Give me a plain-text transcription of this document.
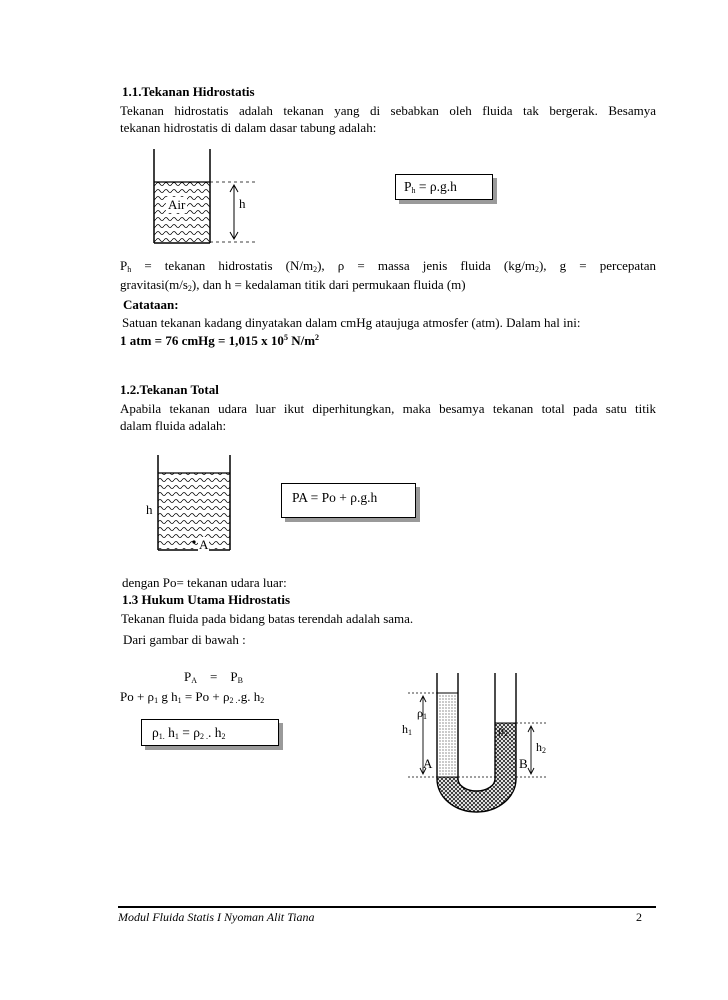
1.1.Tekanan Hidrostatis
Tekanan hidrostatis adalah tekanan yang di sebabkan oleh fluida tak bergerak. Besamya
tekanan hidrostatis di dalam dasar tabung adalah:
Air	h
$P_h = \rho.g.h$
$P_h$ = tekanan hidrostatis $(N/m_2)$, ρ = massa jenis fluida $(kg/m_2)$, g = percepatan
$gravitasi(m/s_2)$, dan h = kedalaman titik dari permukaan fluida (m)
Catataan:
Satuan tekanan kadang dinyatakan dalam cmHg ataujuga atmosfer (atm). Dalam hal ini:
1 atm = 76 cmHg = 1,015 x $10^5$ $N/m^2$
1.2.Tekanan Total
Apabila tekanan udara luar ikut diperhitungkan, maka besamya tekanan total pada satu titik
dalam fluida adalah:
h
A
PA = Po + ρ.g.h
dengan Po= tekanan udara luar:
1.3 Hukum Utama Hidrostatis
Tekanan fluida pada bidang batas terendah adalah sama.
Dari gambar di bawah :
$P_A = P_B$
$Po + \rho_1$ g $h_1 = Po + \rho_{2 .}.g$. $h_2$
$\rho_{1.}$ $h_1 = \rho_{2 .}$. $h_2$
$\rho_1$
$\rho_2$
$h_1$
$h_2$
A	B
Modul Fluida Statis I Nyoman Alit Tiana	2
